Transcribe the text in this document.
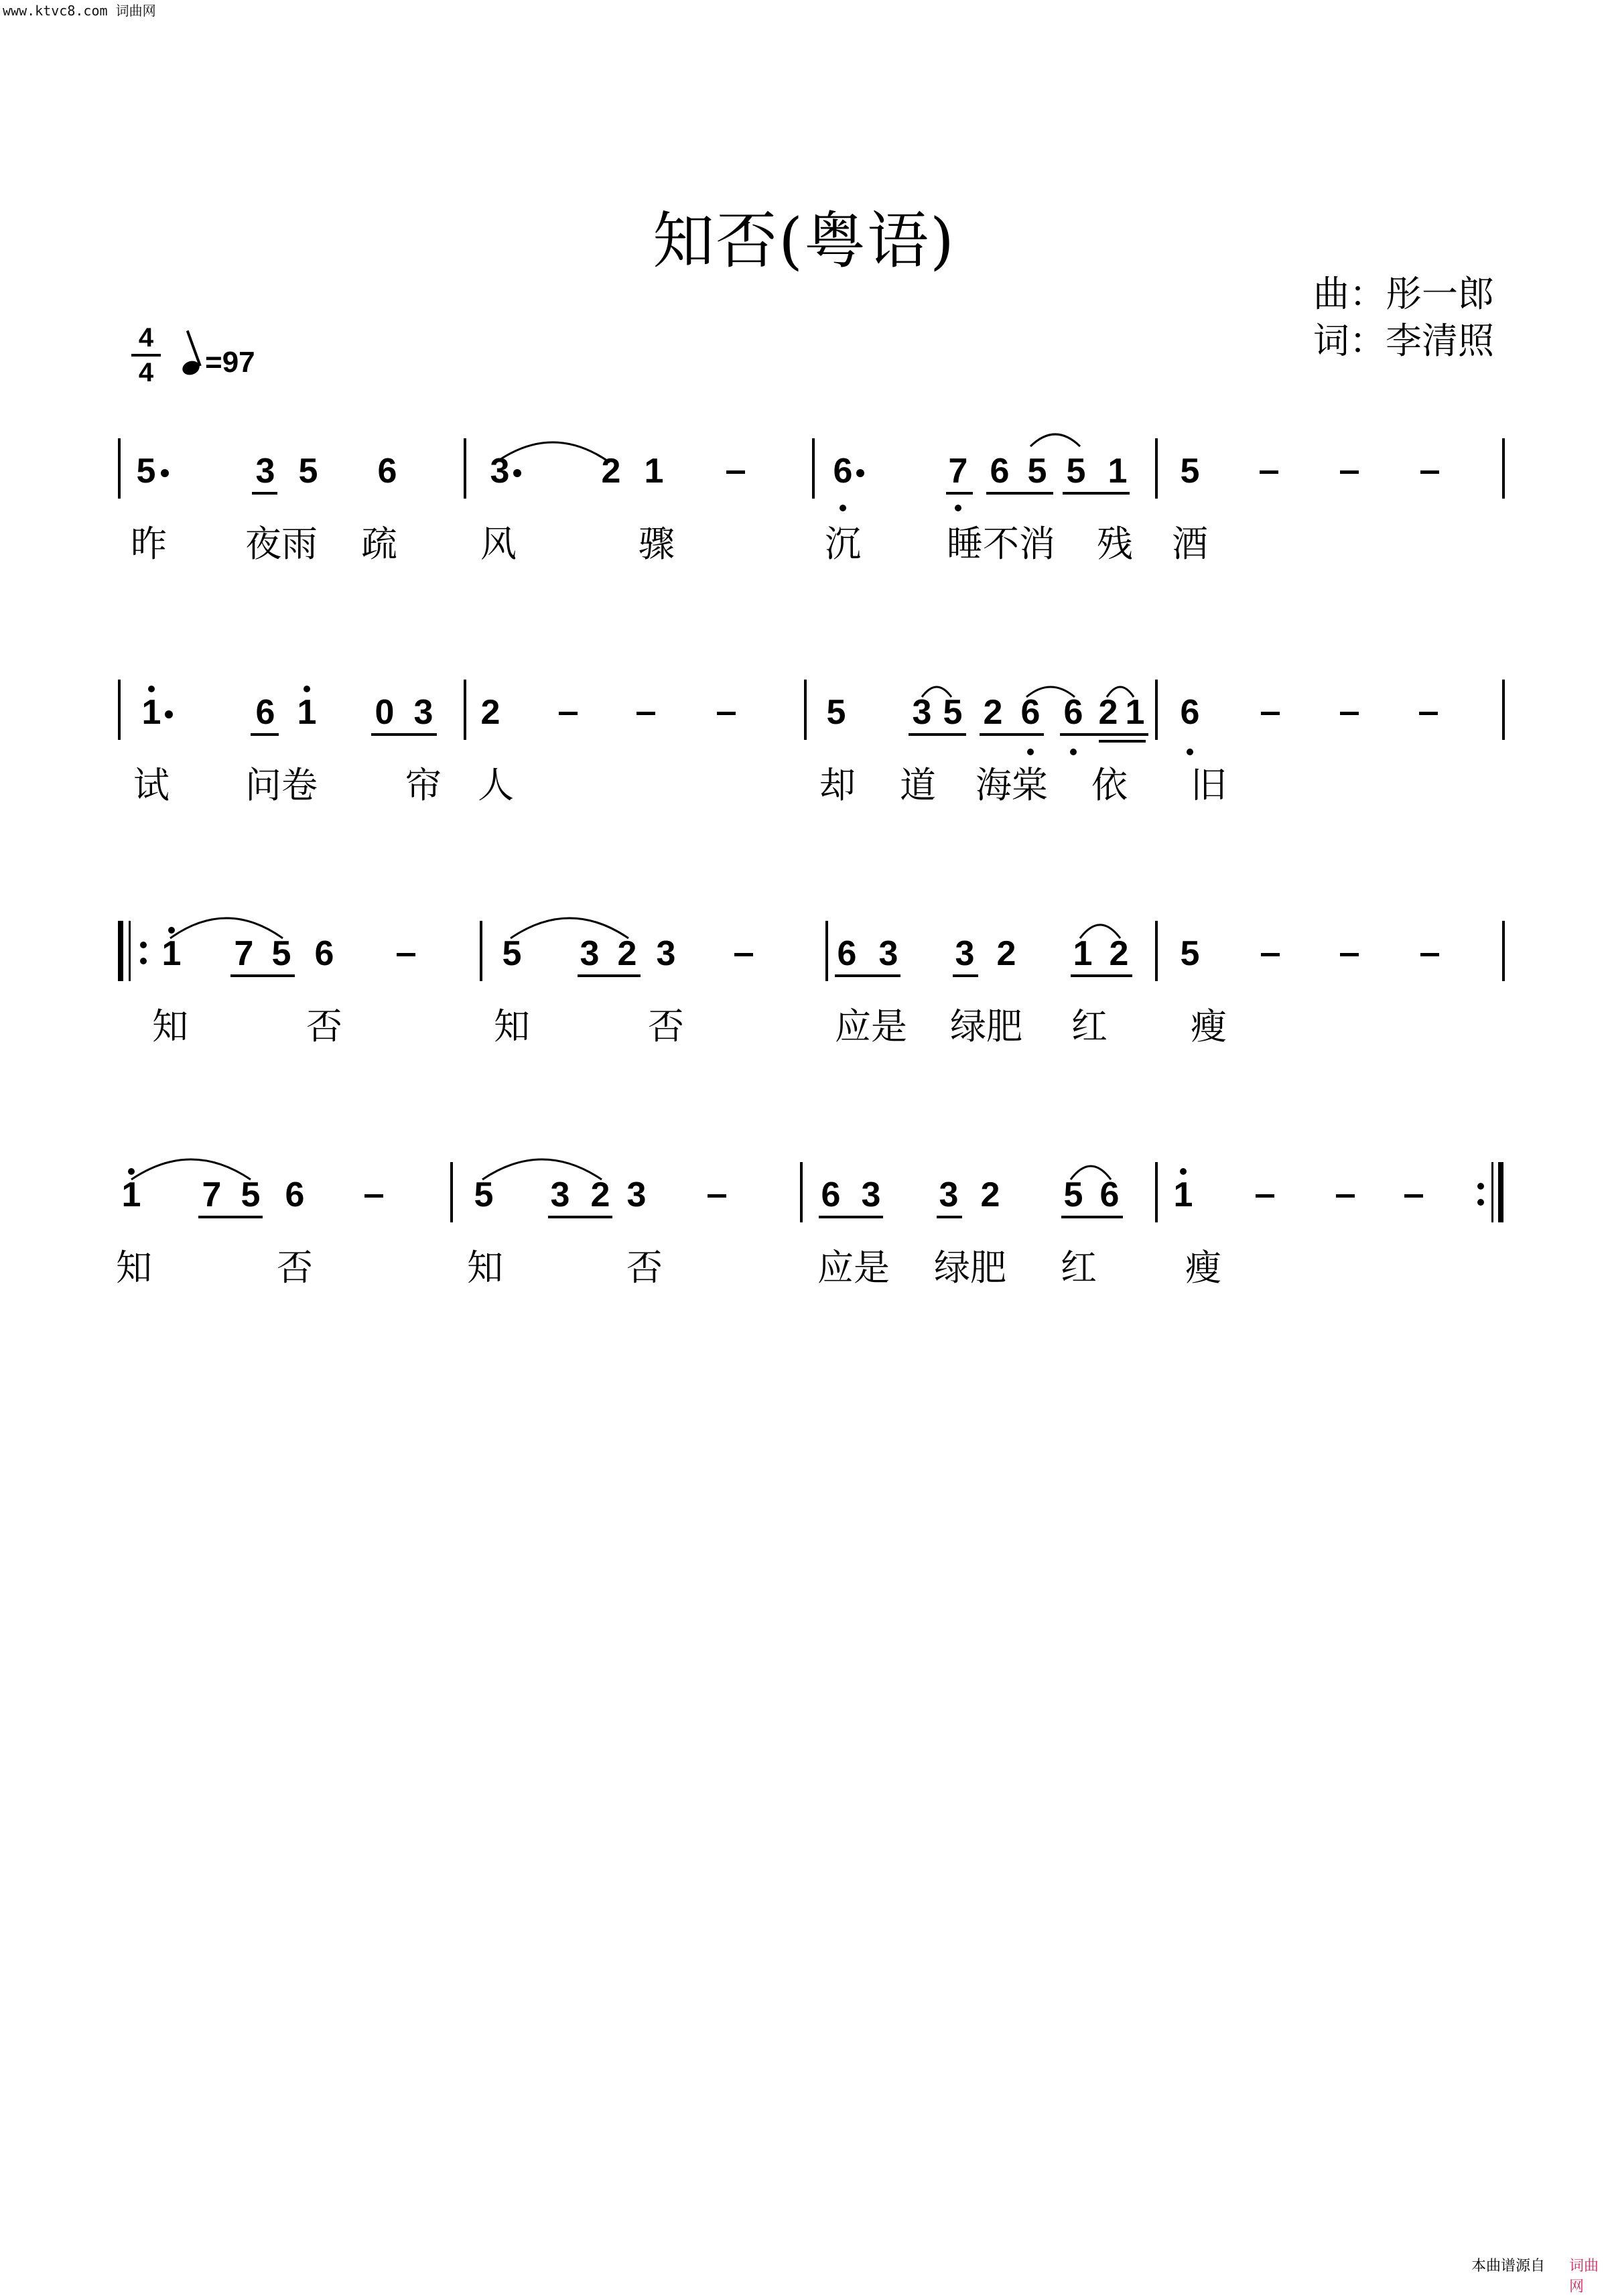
www.ktvc8.com 词曲网
知否(粤语)
曲：彤一郎
词：李清照
4
4	=97
5	3 5 6	3	2 1	6	7 6 5 5 1 5
昨 夜雨 疏 风	骤	沉 睡不消 残 酒
1	6 1 0 3 2	5 3 5 2 6 6 2 1 6
试 问卷 帘 人	却 道 海棠 依 旧
1 7 5 6	5 3 2 3	6 3 3 2 1 2 5
知	否	知	否	应是 绿肥 红 瘦
1 7 5 6	5 3 2 3	6 3 3 2 5 6 1
知	否	知	否	应是 绿肥 红 瘦
本曲谱源自 词曲网
